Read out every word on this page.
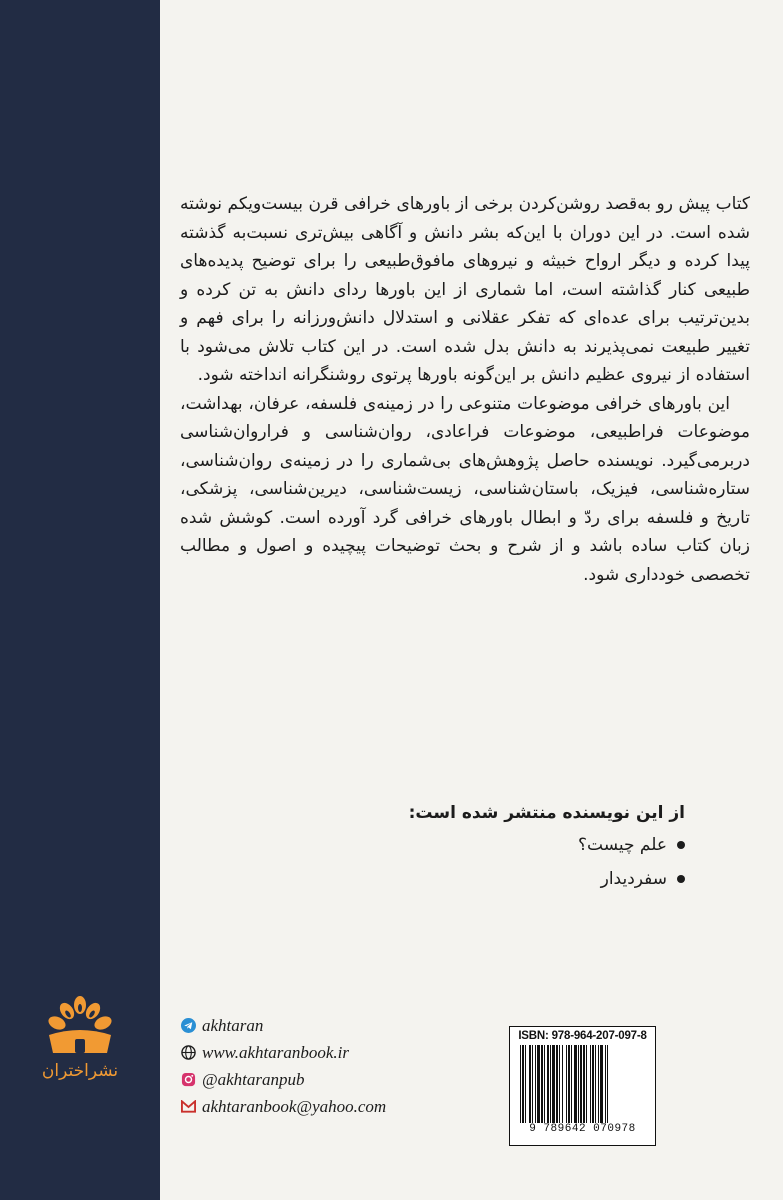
نشراختران

کتاب پیش رو به‌قصد روشن‌کردن برخی از باورهای خرافی قرن بیست‌ویکم نوشته شده است. در این دوران با این‌که بشر دانش و آگاهی بیش‌تری نسبت‌به گذشته پیدا کرده و دیگر ارواح خبیثه و نیروهای مافوق‌طبیعی را برای توضیح پدیده‌های طبیعی کنار گذاشته است، اما شماری از این باورها ردای دانش به تن کرده و بدین‌ترتیب برای عده‌ای که تفکر عقلانی و استدلال دانش‌ورزانه را برای فهم و تغییر طبیعت نمی‌پذیرند به دانش بدل شده است. در این کتاب تلاش می‌شود با استفاده از نیروی عظیم دانش بر این‌گونه باورها پرتوی روشنگرانه انداخته شود.

این باورهای خرافی موضوعات متنوعی را در زمینه‌ی فلسفه، عرفان، بهداشت، موضوعات فراطبیعی، موضوعات فراعادی، روان‌شناسی و فراروان‌شناسی دربرمی‌گیرد. نویسنده حاصل پژوهش‌های بی‌شماری را در زمینه‌ی روان‌شناسی، ستاره‌شناسی، فیزیک، باستان‌شناسی، زیست‌شناسی، دیرین‌شناسی، پزشکی، تاریخ و فلسفه برای ردّ و ابطال باورهای خرافی گرد آورده است. کوشش شده زبان کتاب ساده باشد و از شرح و بحث توضیحات پیچیده و اصول و مطالب تخصصی خودداری شود.

از این نویسنده منتشر شده است:
علم چیست؟
سفردیدار
akhtaran
www.akhtaranbook.ir
@akhtaranpub
akhtaranbook@yahoo.com
ISBN: 978-964-207-097-8
9 789642 070978
